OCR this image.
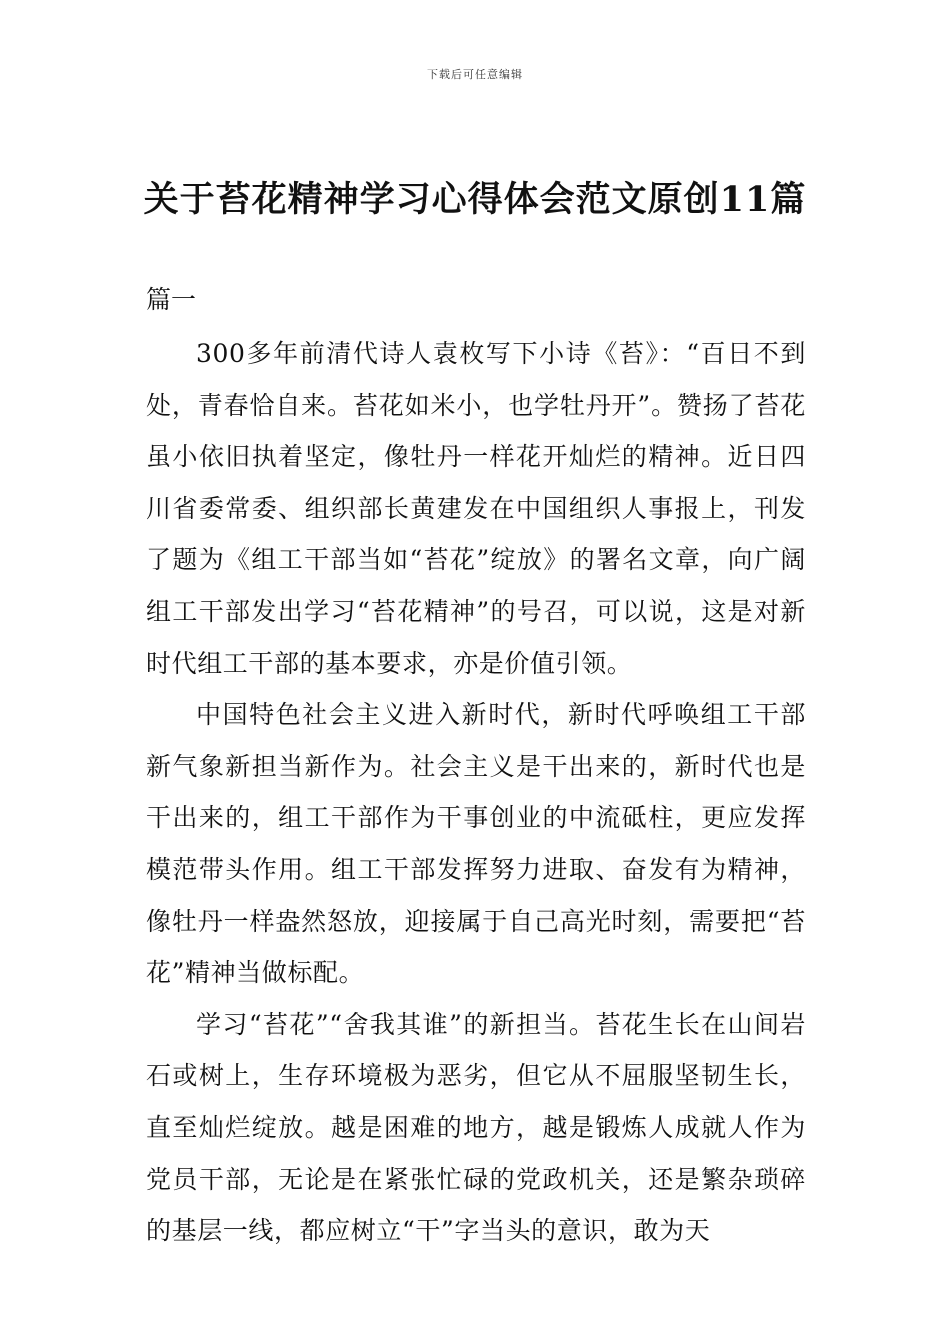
下载后可任意编辑
关于苔花精神学习心得体会范文原创11篇
篇一

300多年前清代诗人袁枚写下小诗《苔》：“百日不到处，青春恰自来。苔花如米小，也学牡丹开”。赞扬了苔花虽小依旧执着坚定，像牡丹一样花开灿烂的精神。近日四川省委常委、组织部长黄建发在中国组织人事报上，刊发了题为《组工干部当如“苔花”绽放》的署名文章，向广阔组工干部发出学习“苔花精神”的号召，可以说，这是对新时代组工干部的基本要求，亦是价值引领。

中国特色社会主义进入新时代，新时代呼唤组工干部新气象新担当新作为。社会主义是干出来的，新时代也是干出来的，组工干部作为干事创业的中流砥柱，更应发挥模范带头作用。组工干部发挥努力进取、奋发有为精神，像牡丹一样盎然怒放，迎接属于自己高光时刻，需要把“苔花”精神当做标配。

学习“苔花”“舍我其谁”的新担当。苔花生长在山间岩石或树上，生存环境极为恶劣，但它从不屈服坚韧生长，直至灿烂绽放。越是困难的地方，越是锻炼人成就人作为党员干部，无论是在紧张忙碌的党政机关，还是繁杂琐碎的基层一线，都应树立“干”字当头的意识，敢为天
